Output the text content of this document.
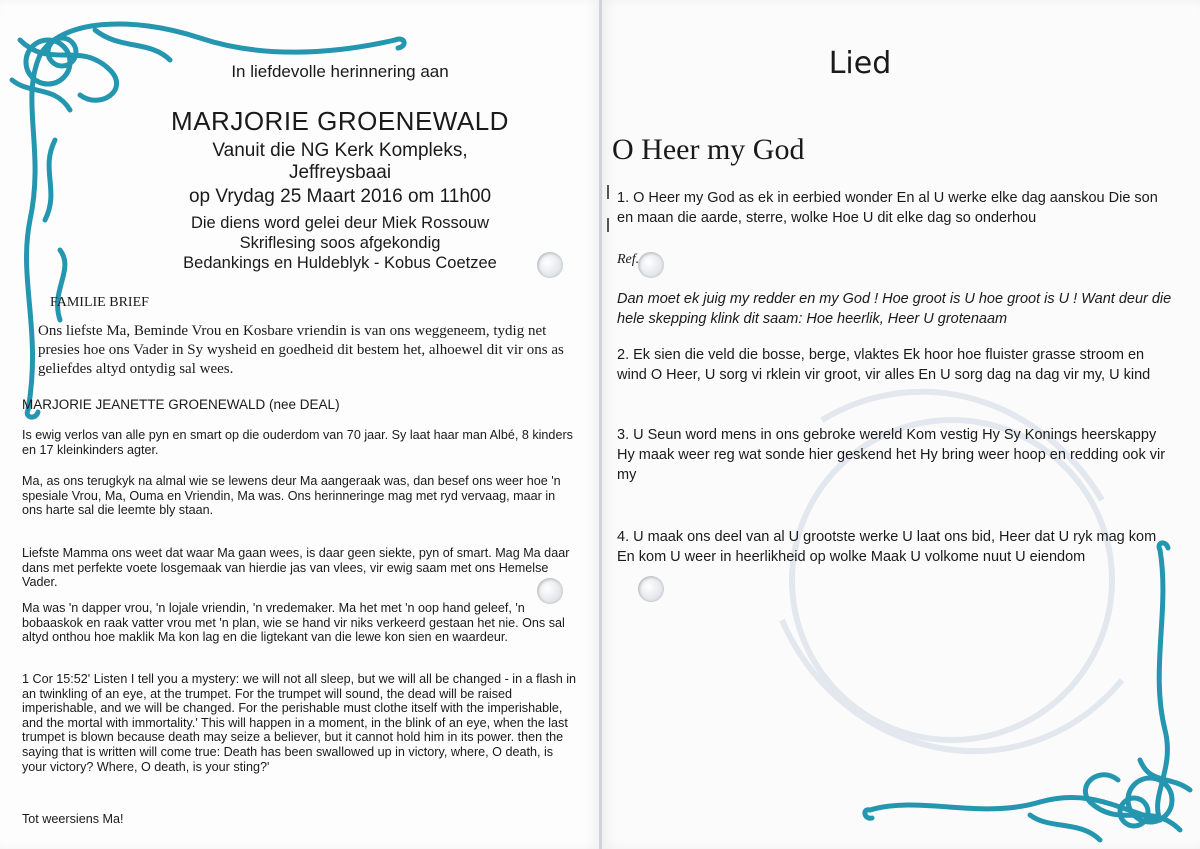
In liefdevolle herinnering aan
MARJORIE GROENEWALD
Vanuit die NG Kerk Kompleks,
Jeffreysbaai
op Vrydag 25 Maart 2016 om 11h00
Die diens word gelei deur Miek Rossouw
Skriflesing soos afgekondig
Bedankings en Huldeblyk - Kobus Coetzee
FAMILIE BRIEF

Ons liefste Ma, Beminde Vrou en Kosbare vriendin is van ons weggeneem, tydig net presies hoe ons Vader in Sy wysheid en goedheid dit bestem het, alhoewel dit vir ons as geliefdes altyd ontydig sal wees.

MARJORIE JEANETTE GROENEWALD (nee DEAL)

Is ewig verlos van alle pyn en smart op die ouderdom van 70 jaar. Sy laat haar man Albé, 8 kinders en 17 kleinkinders agter.

Ma, as ons terugkyk na almal wie se lewens deur Ma aangeraak was, dan besef ons weer hoe 'n spesiale Vrou, Ma, Ouma en Vriendin, Ma was. Ons herinneringe mag met ryd vervaag, maar in ons harte sal die leemte bly staan.

Liefste Mamma ons weet dat waar Ma gaan wees, is daar geen siekte, pyn of smart. Mag Ma daar dans met perfekte voete losgemaak van hierdie jas van vlees, vir ewig saam met ons Hemelse Vader.

Ma was 'n dapper vrou, 'n lojale vriendin, 'n vredemaker. Ma het met 'n oop hand geleef, 'n bobaaskok en raak vatter vrou met 'n plan, wie se hand vir niks verkeerd gestaan het nie. Ons sal altyd onthou hoe maklik Ma kon lag en die ligtekant van die lewe kon sien en waardeur.

1 Cor 15:52' Listen I tell you a mystery: we will not all sleep, but we will all be changed - in a flash in an twinkling of an eye, at the trumpet. For the trumpet will sound, the dead will be raised imperishable, and we will be changed. For the perishable must clothe itself with the imperishable, and the mortal with immortality.' This will happen in a moment, in the blink of an eye, when the last trumpet is blown because death may seize a believer, but it cannot hold him in its power. then the saying that is written will come true: Death has been swallowed up in victory, where, O death, is your victory? Where, O death, is your sting?'

Tot weersiens Ma!

Lied
O Heer my God

1. O Heer my God as ek in eerbied wonder En al U werke elke dag aanskou Die son en maan die aarde, sterre, wolke Hoe U dit elke dag so onderhou

Ref.

Dan moet ek juig my redder en my God ! Hoe groot is U hoe groot is U ! Want deur die hele skepping klink dit saam: Hoe heerlik, Heer U grotenaam

2. Ek sien die veld die bosse, berge, vlaktes Ek hoor hoe fluister grasse stroom en wind O Heer, U sorg vi rklein vir groot, vir alles En U sorg dag na dag vir my, U kind

3. U Seun word mens in ons gebroke wereld Kom vestig Hy Sy Konings heerskappy Hy maak weer reg wat sonde hier geskend het Hy bring weer hoop en redding ook vir my

4. U maak ons deel van al U grootste werke U laat ons bid, Heer dat U ryk mag kom En kom U weer in heerlikheid op wolke Maak U volkome nuut U eiendom
